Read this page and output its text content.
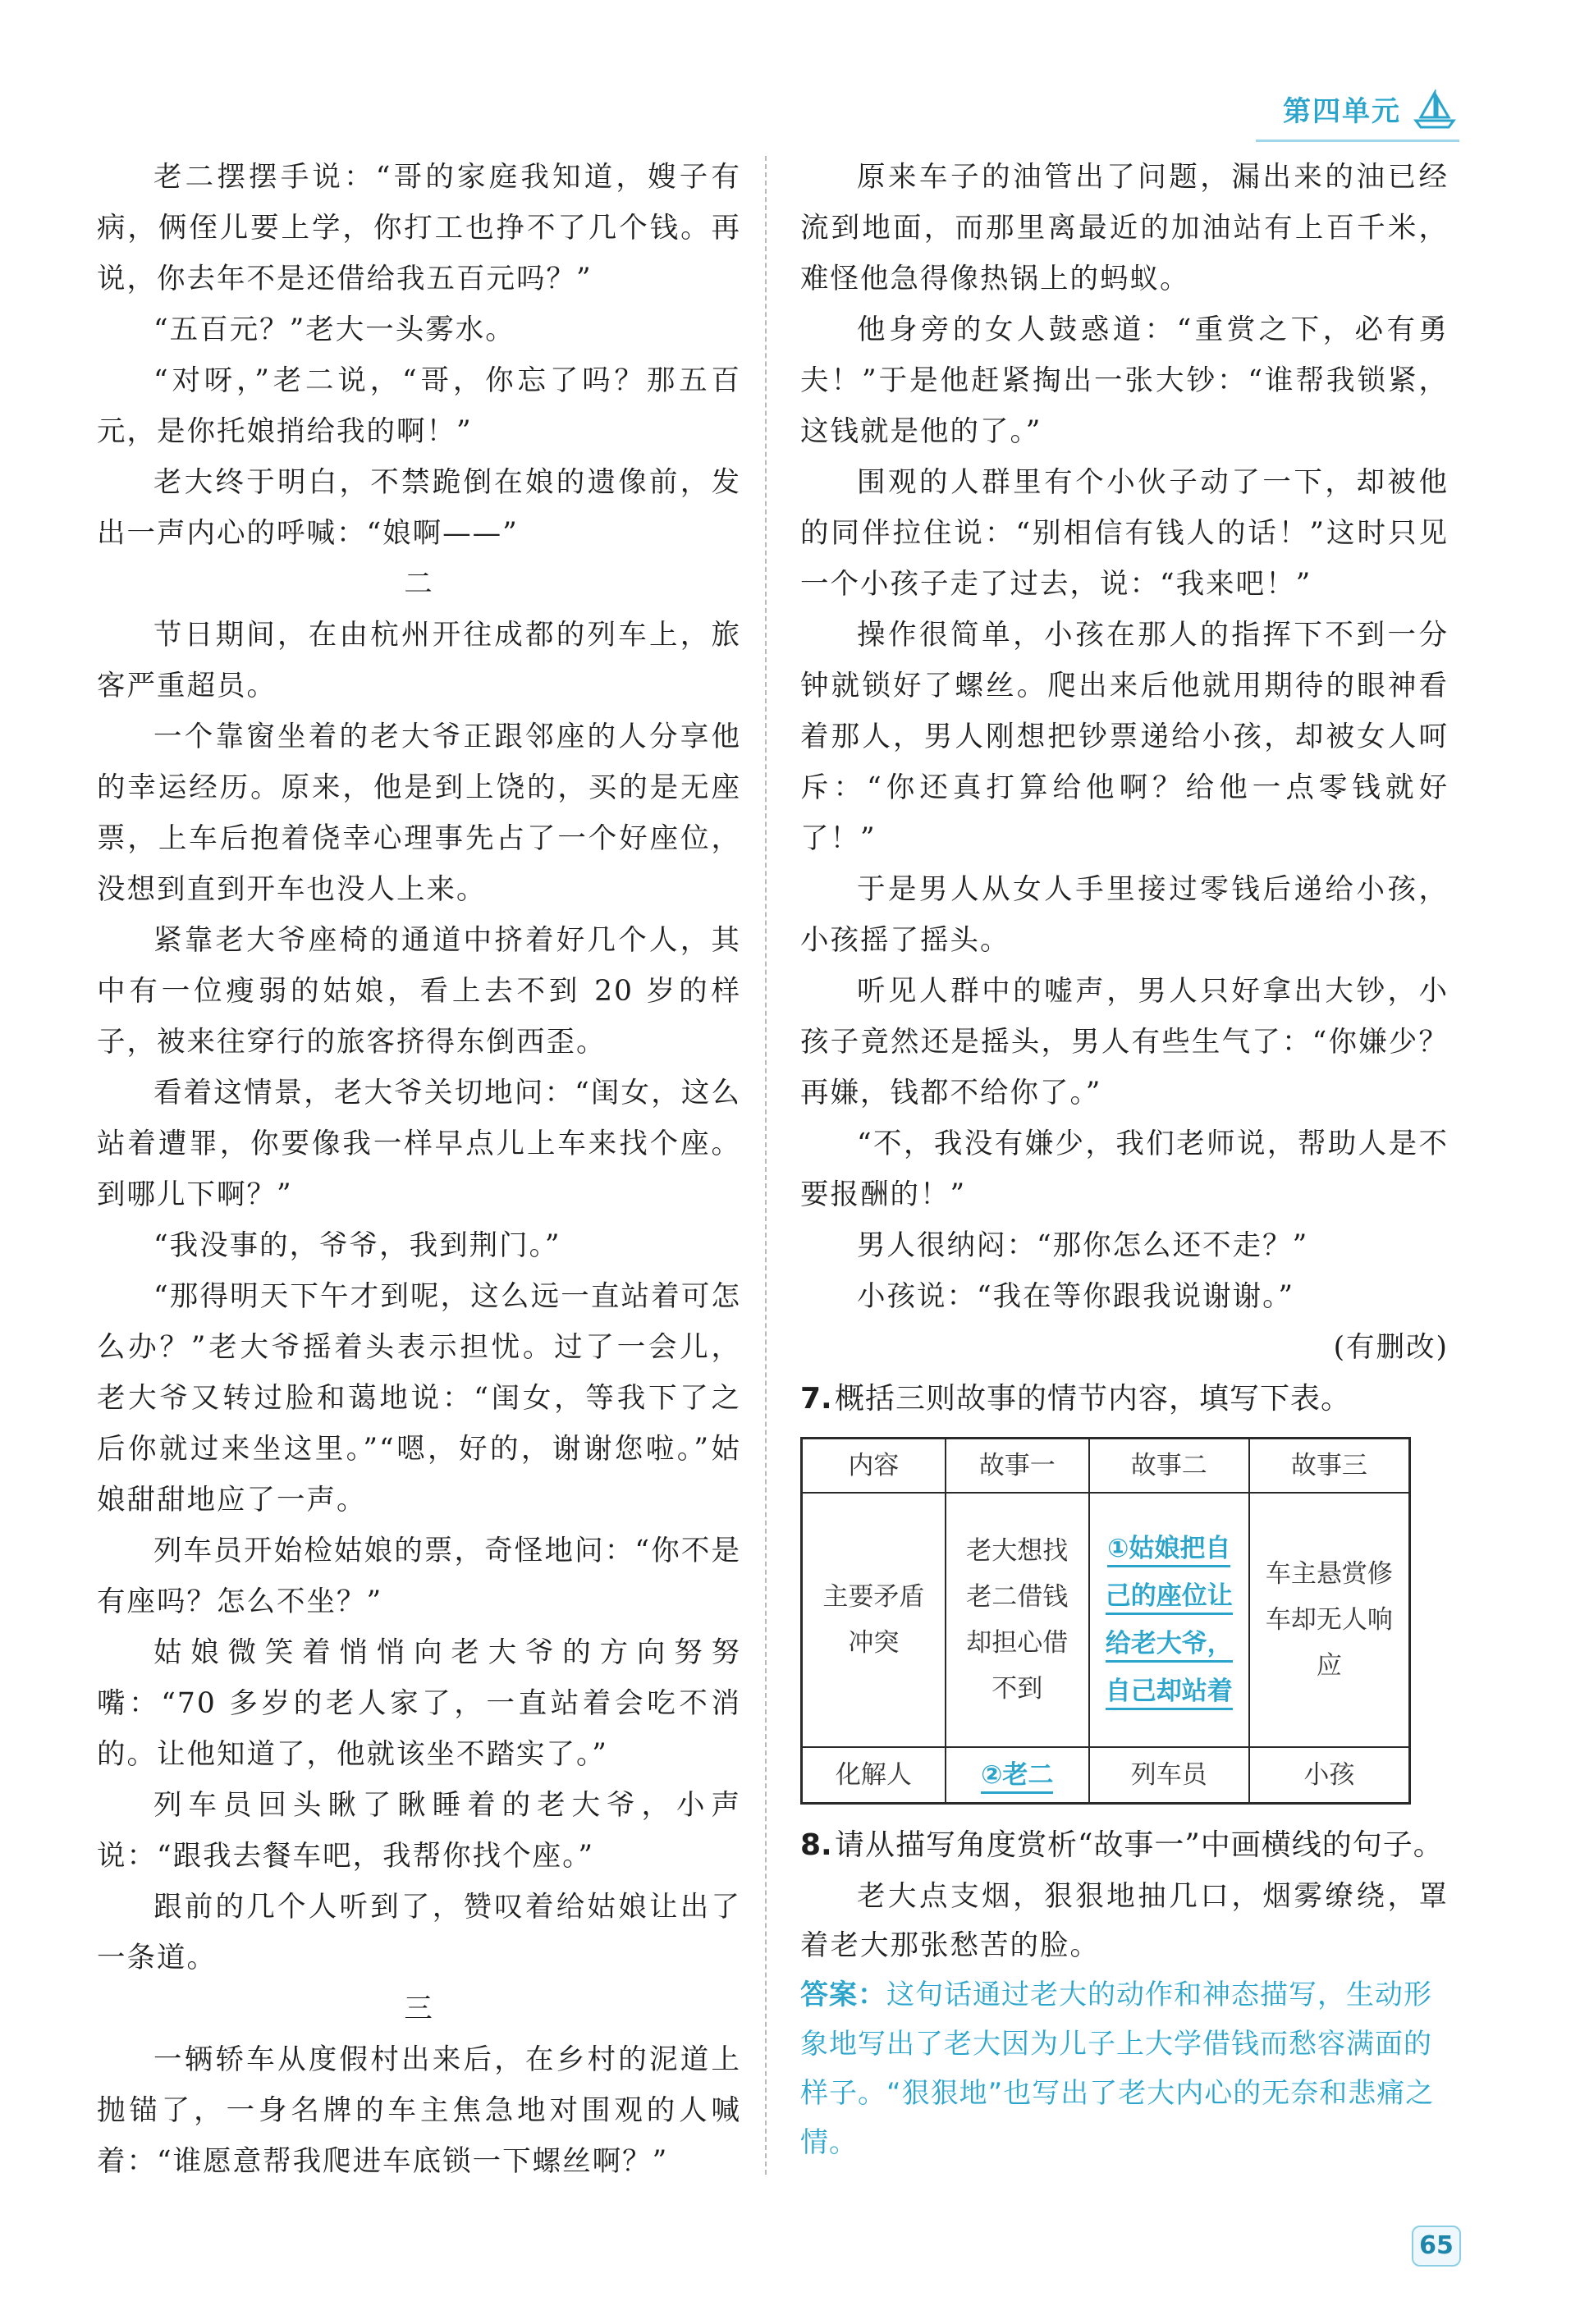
第四单元

老二摆摆手说：“哥的家庭我知道，嫂子有病，俩侄儿要上学，你打工也挣不了几个钱。再说，你去年不是还借给我五百元吗？”

“五百元？”老大一头雾水。

“对呀，”老二说，“哥，你忘了吗？那五百元，是你托娘捎给我的啊！”

老大终于明白，不禁跪倒在娘的遗像前，发出一声内心的呼喊：“娘啊——”

二

节日期间，在由杭州开往成都的列车上，旅客严重超员。

一个靠窗坐着的老大爷正跟邻座的人分享他的幸运经历。原来，他是到上饶的，买的是无座票，上车后抱着侥幸心理事先占了一个好座位，没想到直到开车也没人上来。

紧靠老大爷座椅的通道中挤着好几个人，其中有一位瘦弱的姑娘，看上去不到 20 岁的样子，被来往穿行的旅客挤得东倒西歪。

看着这情景，老大爷关切地问：“闺女，这么站着遭罪，你要像我一样早点儿上车来找个座。到哪儿下啊？”

“我没事的，爷爷，我到荆门。”

“那得明天下午才到呢，这么远一直站着可怎么办？”老大爷摇着头表示担忧。过了一会儿，老大爷又转过脸和蔼地说：“闺女，等我下了之后你就过来坐这里。”“嗯，好的，谢谢您啦。”姑娘甜甜地应了一声。

列车员开始检姑娘的票，奇怪地问：“你不是有座吗？怎么不坐？”

姑娘微笑着悄悄向老大爷的方向努努嘴：“70 多岁的老人家了，一直站着会吃不消的。让他知道了，他就该坐不踏实了。”

列车员回头瞅了瞅睡着的老大爷，小声说：“跟我去餐车吧，我帮你找个座。”

跟前的几个人听到了，赞叹着给姑娘让出了一条道。

三

一辆轿车从度假村出来后，在乡村的泥道上抛锚了，一身名牌的车主焦急地对围观的人喊着：“谁愿意帮我爬进车底锁一下螺丝啊？”

原来车子的油管出了问题，漏出来的油已经流到地面，而那里离最近的加油站有上百千米，难怪他急得像热锅上的蚂蚁。

他身旁的女人鼓惑道：“重赏之下，必有勇夫！”于是他赶紧掏出一张大钞：“谁帮我锁紧，这钱就是他的了。”

围观的人群里有个小伙子动了一下，却被他的同伴拉住说：“别相信有钱人的话！”这时只见一个小孩子走了过去，说：“我来吧！”

操作很简单，小孩在那人的指挥下不到一分钟就锁好了螺丝。爬出来后他就用期待的眼神看着那人，男人刚想把钞票递给小孩，却被女人呵斥：“你还真打算给他啊？给他一点零钱就好了！”

于是男人从女人手里接过零钱后递给小孩，小孩摇了摇头。

听见人群中的嘘声，男人只好拿出大钞，小孩子竟然还是摇头，男人有些生气了：“你嫌少？再嫌，钱都不给你了。”

“不，我没有嫌少，我们老师说，帮助人是不要报酬的！”

男人很纳闷：“那你怎么还不走？”

小孩说：“我在等你跟我说谢谢。”

(有删改)

7. 概括三则故事的情节内容，填写下表。
内容	故事一	故事二	故事三
主要矛盾冲突	老大想找老二借钱却担心借不到	①姑娘把自己的座位让给老大爷，自己却站着	车主悬赏修车却无人响应
化解人	②老二	列车员	小孩
8. 请从描写角度赏析“故事一”中画横线的句子。

老大点支烟，狠狠地抽几口，烟雾缭绕，罩着老大那张愁苦的脸。

答案：这句话通过老大的动作和神态描写，生动形象地写出了老大因为儿子上大学借钱而愁容满面的样子。“狠狠地”也写出了老大内心的无奈和悲痛之情。

65
